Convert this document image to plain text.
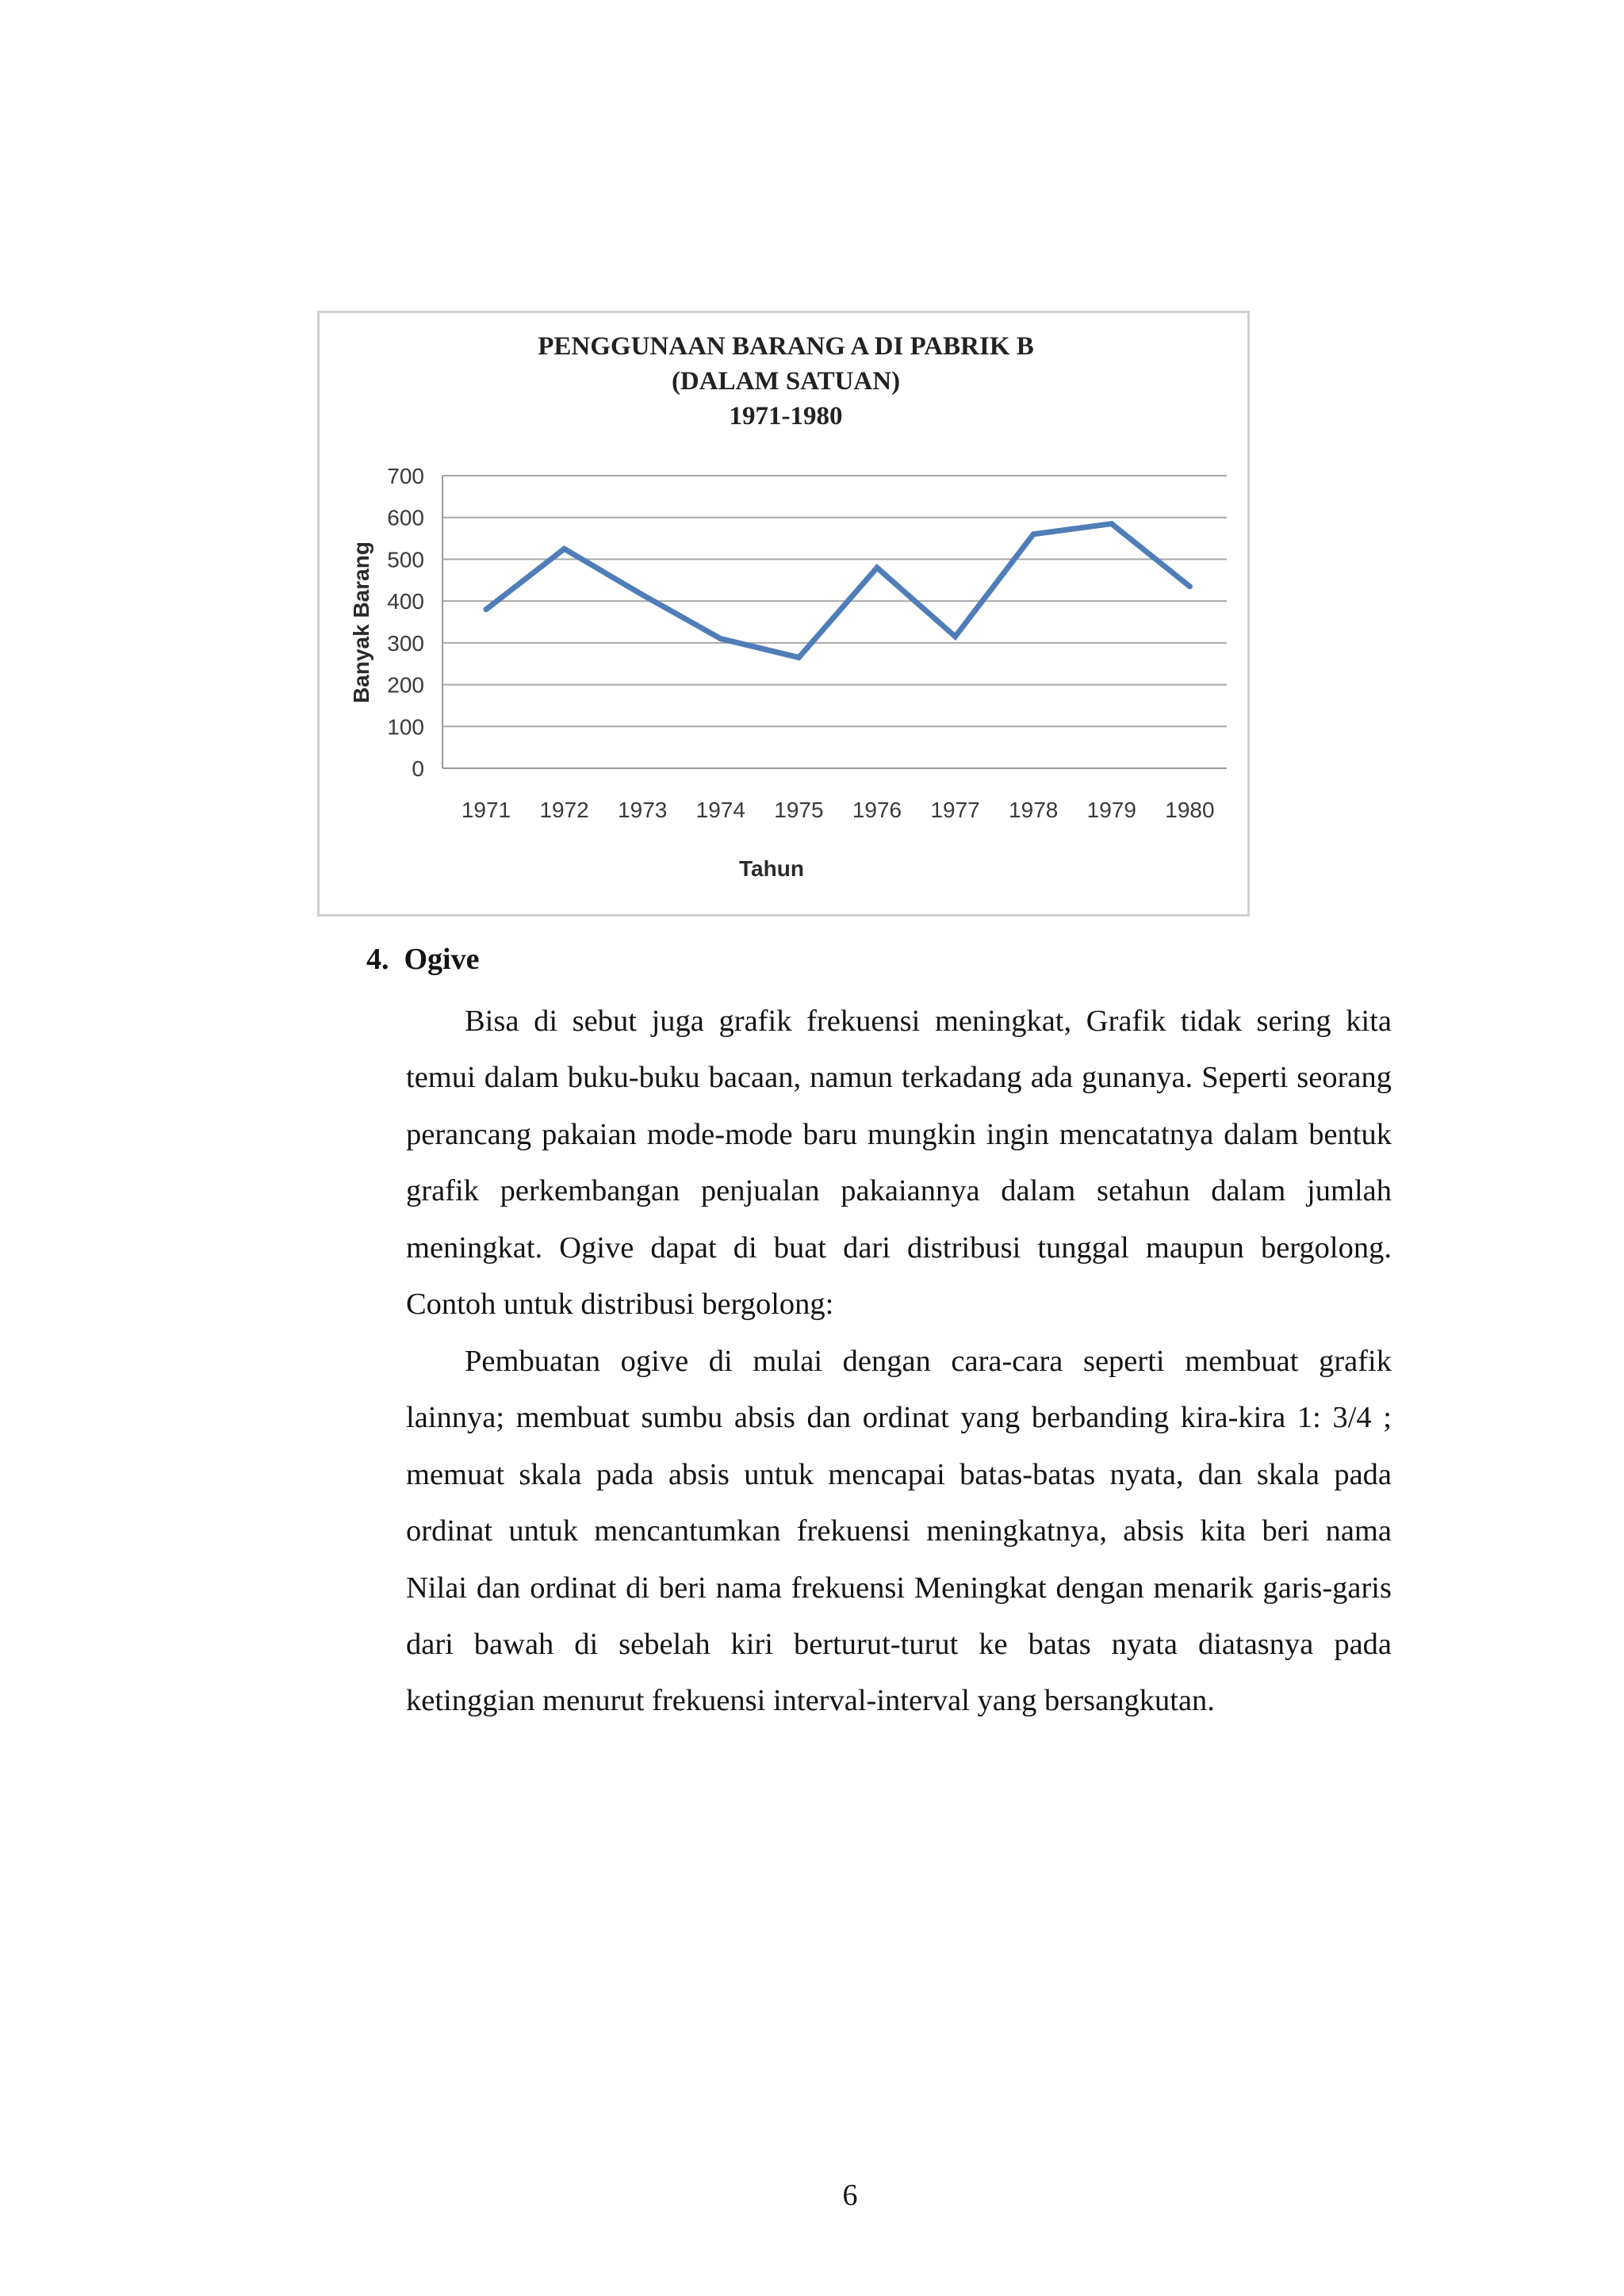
PENGGUNAAN BARANG A DI PABRIK B
(DALAM SATUAN)
1971-1980
0
100
200
300
400
500
600
700
1971 1972 1973 1974 1975 1976 1977 1978 1979 1980
Tahun
Banyak Barang
4. Ogive

Bisa di sebut juga grafik frekuensi meningkat, Grafik tidak sering kita temui dalam buku-buku bacaan, namun terkadang ada gunanya. Seperti seorang perancang pakaian mode-mode baru mungkin ingin mencatatnya dalam bentuk grafik perkembangan penjualan pakaiannya dalam setahun dalam jumlah meningkat. Ogive dapat di buat dari distribusi tunggal maupun bergolong. Contoh untuk distribusi bergolong:

Pembuatan ogive di mulai dengan cara-cara seperti membuat grafik lainnya; membuat sumbu absis dan ordinat yang berbanding kira-kira 1: 3/4 ; memuat skala pada absis untuk mencapai batas-batas nyata, dan skala pada ordinat untuk mencantumkan frekuensi meningkatnya, absis kita beri nama Nilai dan ordinat di beri nama frekuensi Meningkat dengan menarik garis-garis dari bawah di sebelah kiri berturut-turut ke batas nyata diatasnya pada ketinggian menurut frekuensi interval-interval yang bersangkutan.

6
